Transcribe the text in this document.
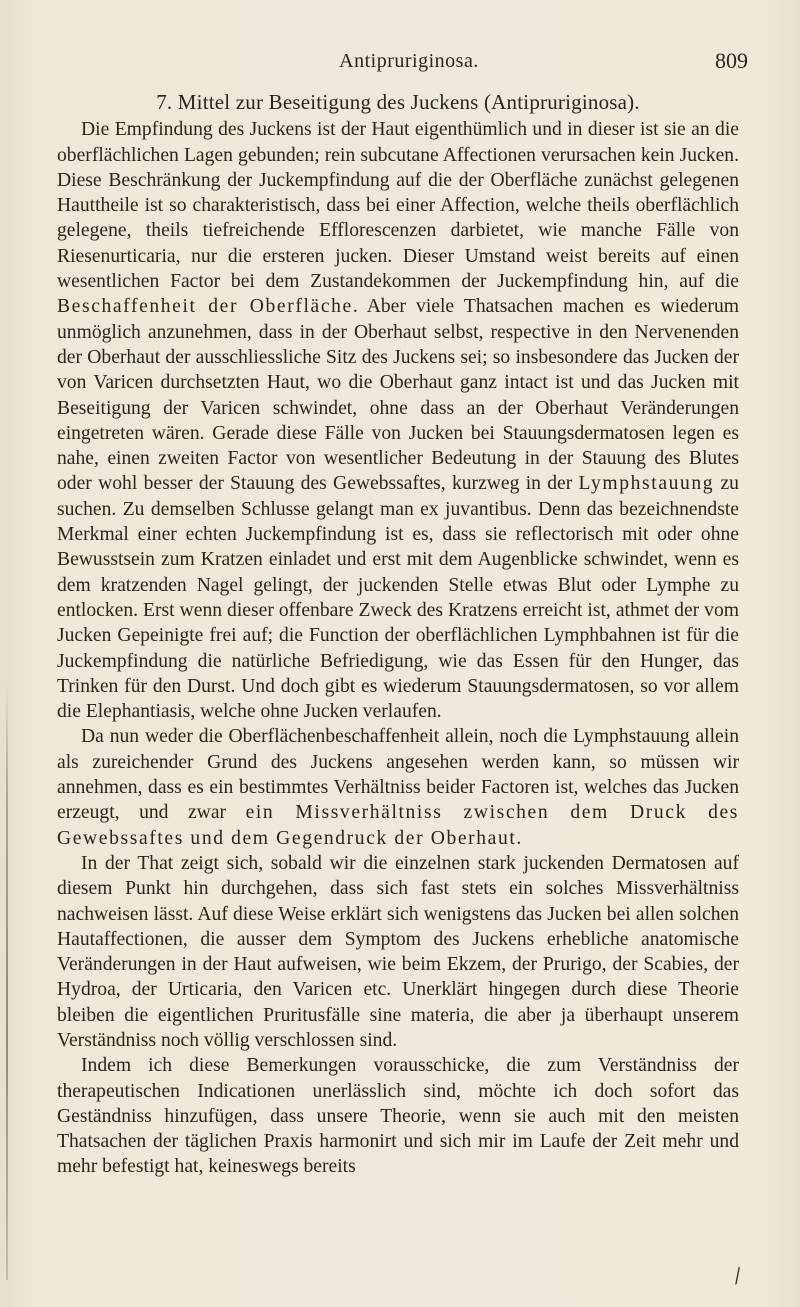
Antipruriginosa.	809
7. Mittel zur Beseitigung des Juckens (Antipruriginosa).

Die Empfindung des Juckens ist der Haut eigenthümlich und in dieser ist sie an die oberflächlichen Lagen gebunden; rein subcutane Affectionen verursachen kein Jucken. Diese Beschränkung der Juckempfindung auf die der Oberfläche zunächst gelegenen Hauttheile ist so charakteristisch, dass bei einer Affection, welche theils oberflächlich gelegene, theils tiefreichende Efflorescenzen darbietet, wie manche Fälle von Riesenurticaria, nur die ersteren jucken. Dieser Umstand weist bereits auf einen wesentlichen Factor bei dem Zustandekommen der Juckempfindung hin, auf die Beschaffenheit der Oberfläche. Aber viele Thatsachen machen es wiederum unmöglich anzunehmen, dass in der Oberhaut selbst, respective in den Nervenenden der Oberhaut der ausschliessliche Sitz des Juckens sei; so insbesondere das Jucken der von Varicen durchsetzten Haut, wo die Oberhaut ganz intact ist und das Jucken mit Beseitigung der Varicen schwindet, ohne dass an der Oberhaut Veränderungen eingetreten wären. Gerade diese Fälle von Jucken bei Stauungsdermatosen legen es nahe, einen zweiten Factor von wesentlicher Bedeutung in der Stauung des Blutes oder wohl besser der Stauung des Gewebssaftes, kurzweg in der Lymphstauung zu suchen. Zu demselben Schlusse gelangt man ex juvantibus. Denn das bezeichnendste Merkmal einer echten Juckempfindung ist es, dass sie reflectorisch mit oder ohne Bewusstsein zum Kratzen einladet und erst mit dem Augenblicke schwindet, wenn es dem kratzenden Nagel gelingt, der juckenden Stelle etwas Blut oder Lymphe zu entlocken. Erst wenn dieser offenbare Zweck des Kratzens erreicht ist, athmet der vom Jucken Gepeinigte frei auf; die Function der oberflächlichen Lymphbahnen ist für die Juckempfindung die natürliche Befriedigung, wie das Essen für den Hunger, das Trinken für den Durst. Und doch gibt es wiederum Stauungsdermatosen, so vor allem die Elephantiasis, welche ohne Jucken verlaufen.

Da nun weder die Oberflächenbeschaffenheit allein, noch die Lymphstauung allein als zureichender Grund des Juckens angesehen werden kann, so müssen wir annehmen, dass es ein bestimmtes Verhältniss beider Factoren ist, welches das Jucken erzeugt, und zwar ein Missverhältniss zwischen dem Druck des Gewebssaftes und dem Gegendruck der Oberhaut.

In der That zeigt sich, sobald wir die einzelnen stark juckenden Dermatosen auf diesem Punkt hin durchgehen, dass sich fast stets ein solches Missverhältniss nachweisen lässt. Auf diese Weise erklärt sich wenigstens das Jucken bei allen solchen Hautaffectionen, die ausser dem Symptom des Juckens erhebliche anatomische Veränderungen in der Haut aufweisen, wie beim Ekzem, der Prurigo, der Scabies, der Hydroa, der Urticaria, den Varicen etc. Unerklärt hingegen durch diese Theorie bleiben die eigentlichen Pruritusfälle sine materia, die aber ja überhaupt unserem Verständniss noch völlig verschlossen sind.

Indem ich diese Bemerkungen vorausschicke, die zum Verständniss der therapeutischen Indicationen unerlässlich sind, möchte ich doch sofort das Geständniss hinzufügen, dass unsere Theorie, wenn sie auch mit den meisten Thatsachen der täglichen Praxis harmonirt und sich mir im Laufe der Zeit mehr und mehr befestigt hat, keineswegs bereits

⁄
